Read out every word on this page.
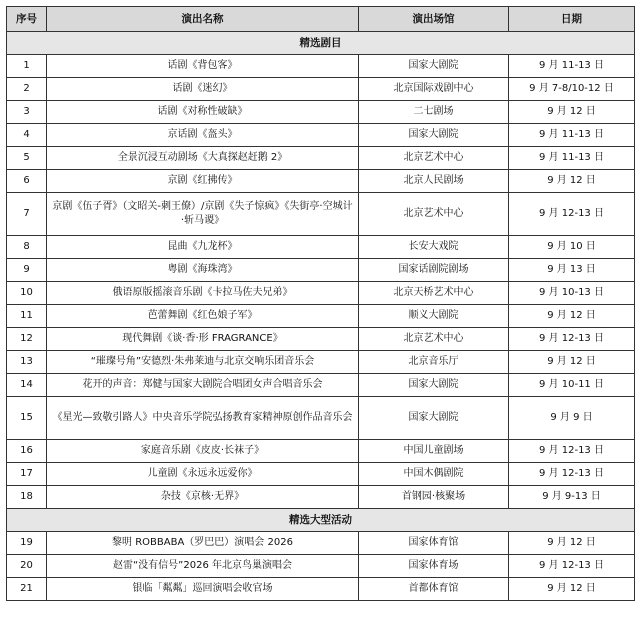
序号	演出名称	演出场馆	日期
精选剧目			
1	话剧《背包客》	国家大剧院	9 月 11-13 日
2	话剧《迷幻》	北京国际戏剧中心	9 月 7-8/10-12 日
3	话剧《对称性破缺》	二七剧场	9 月 12 日
4	京话剧《盔头》	国家大剧院	9 月 11-13 日
5	全景沉浸互动剧场《大真探赵赶鹅 2》	北京艺术中心	9 月 11-13 日
6	京剧《红拂传》	北京人民剧场	9 月 12 日
7	京剧《伍子胥》（文昭关-刺王僚）/京剧《失子惊疯》《失街亭·空城计·斩马谡》	北京艺术中心	9 月 12-13 日
8	昆曲《九龙杯》	长安大戏院	9 月 10 日
9	粤剧《海珠湾》	国家话剧院剧场	9 月 13 日
10	俄语原版摇滚音乐剧《卡拉马佐夫兄弟》	北京天桥艺术中心	9 月 10-13 日
11	芭蕾舞剧《红色娘子军》	顺义大剧院	9 月 12 日
12	现代舞剧《谈·香·形 FRAGRANCE》	北京艺术中心	9 月 12-13 日
13	“璀璨号角”安德烈·朱弗莱迪与北京交响乐团音乐会	北京音乐厅	9 月 12 日
14	花开的声音：郑健与国家大剧院合唱团女声合唱音乐会	国家大剧院	9 月 10-11 日
15	《星光—致敬引路人》中央音乐学院弘扬教育家精神原创作品音乐会	国家大剧院	9 月 9 日
16	家庭音乐剧《皮皮·长袜子》	中国儿童剧场	9 月 12-13 日
17	儿童剧《永远永远爱你》	中国木偶剧院	9 月 12-13 日
18	杂技《京核·无界》	首钢园·核聚场	9 月 9-13 日
精选大型活动			
19	黎明 ROBBABA（罗巴巴）演唱会 2026	国家体育馆	9 月 12 日
20	赵雷“没有信号”2026 年北京鸟巢演唱会	国家体育场	9 月 12-13 日
21	银临「粼粼」巡回演唱会收官场	首都体育馆	9 月 12 日
